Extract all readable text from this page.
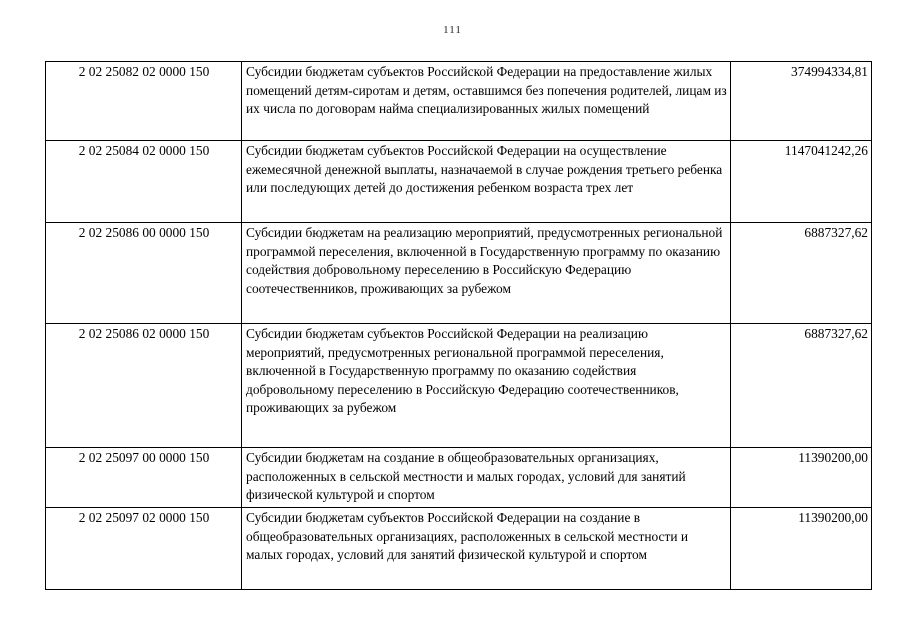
111
2 02 25082 02 0000 150	Субсидии бюджетам субъектов Российской Федерации на предоставление жилых помещений детям-сиротам и детям, оставшимся без попечения родителей, лицам из их числа по договорам найма специализированных жилых помещений	374994334,81
2 02 25084 02 0000 150	Субсидии бюджетам субъектов Российской Федерации на осуществление ежемесячной денежной выплаты, назначаемой в случае рождения третьего ребенка или последующих детей до достижения ребенком возраста трех лет	1147041242,26
2 02 25086 00 0000 150	Субсидии бюджетам на реализацию мероприятий, предусмотренных региональной программой переселения, включенной в Государственную программу по оказанию содействия добровольному переселению в Российскую Федерацию соотечественников, проживающих за рубежом	6887327,62
2 02 25086 02 0000 150	Субсидии бюджетам субъектов Российской Федерации на реализацию мероприятий, предусмотренных региональной программой переселения, включенной в Государственную программу по оказанию содействия добровольному переселению в Российскую Федерацию соотечественников, проживающих за рубежом	6887327,62
2 02 25097 00 0000 150	Субсидии бюджетам на создание в общеобразовательных организациях, расположенных в сельской местности и малых городах, условий для занятий физической культурой и спортом	11390200,00
2 02 25097 02 0000 150	Субсидии бюджетам субъектов Российской Федерации на создание в общеобразовательных организациях, расположенных в сельской местности и малых городах, условий для занятий физической культурой и спортом	11390200,00
